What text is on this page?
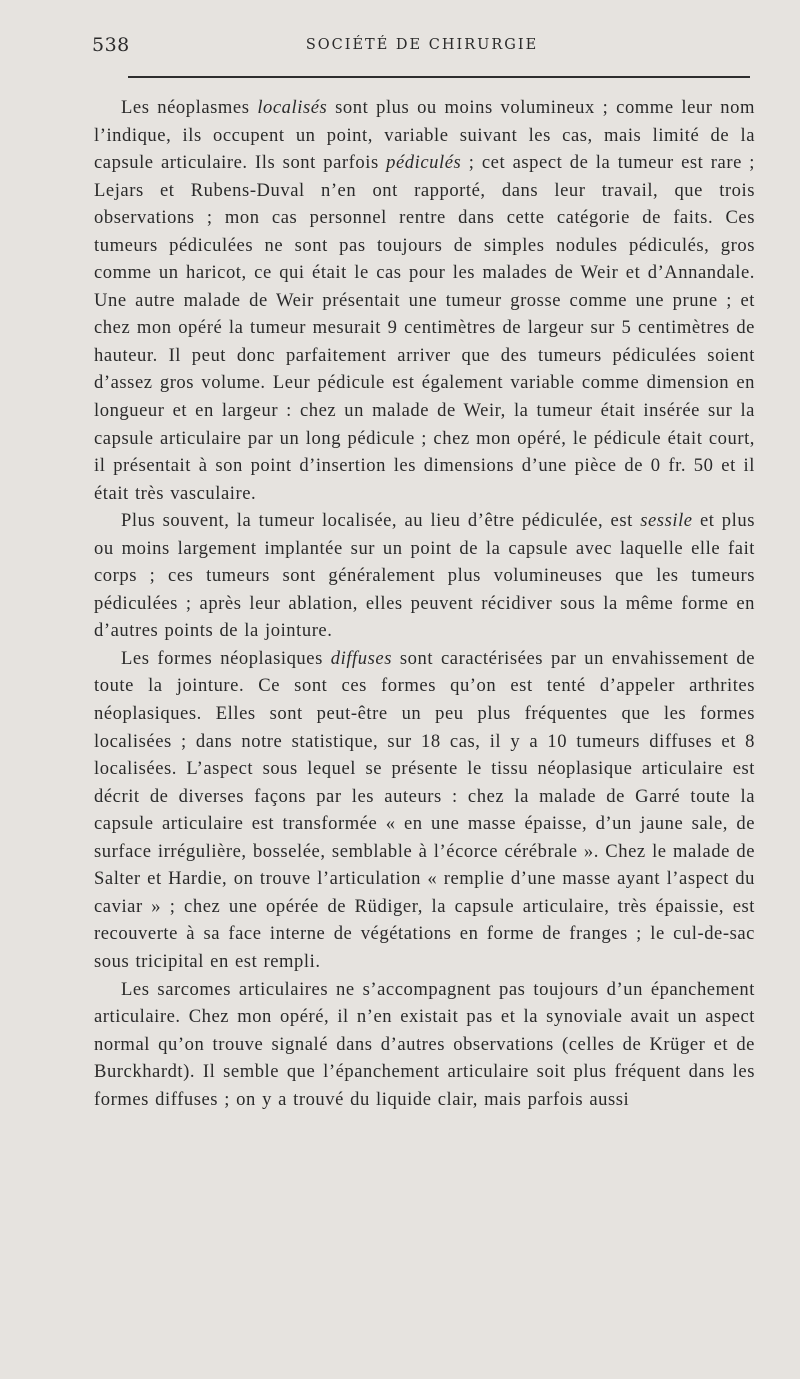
538	SOCIÉTÉ DE CHIRURGIE

Les néoplasmes localisés sont plus ou moins volumineux ; comme leur nom l’indique, ils occupent un point, variable suivant les cas, mais limité de la capsule articulaire. Ils sont parfois pédiculés ; cet aspect de la tumeur est rare ; Lejars et Rubens-Duval n’en ont rapporté, dans leur travail, que trois observations ; mon cas personnel rentre dans cette catégorie de faits. Ces tumeurs pédiculées ne sont pas toujours de simples nodules pédiculés, gros comme un haricot, ce qui était le cas pour les malades de Weir et d’Annandale. Une autre malade de Weir présentait une tumeur grosse comme une prune ; et chez mon opéré la tumeur mesurait 9 centimètres de largeur sur 5 centimètres de hauteur. Il peut donc parfaitement arriver que des tumeurs pédiculées soient d’assez gros volume. Leur pédicule est également variable comme dimension en longueur et en largeur : chez un malade de Weir, la tumeur était insérée sur la capsule articulaire par un long pédicule ; chez mon opéré, le pédicule était court, il présentait à son point d’insertion les dimensions d’une pièce de 0 fr. 50 et il était très vasculaire.

Plus souvent, la tumeur localisée, au lieu d’être pédiculée, est sessile et plus ou moins largement implantée sur un point de la capsule avec laquelle elle fait corps ; ces tumeurs sont généralement plus volumineuses que les tumeurs pédiculées ; après leur ablation, elles peuvent récidiver sous la même forme en d’autres points de la jointure.

Les formes néoplasiques diffuses sont caractérisées par un envahissement de toute la jointure. Ce sont ces formes qu’on est tenté d’appeler arthrites néoplasiques. Elles sont peut-être un peu plus fréquentes que les formes localisées ; dans notre statistique, sur 18 cas, il y a 10 tumeurs diffuses et 8 localisées. L’aspect sous lequel se présente le tissu néoplasique articulaire est décrit de diverses façons par les auteurs : chez la malade de Garré toute la capsule articulaire est transformée « en une masse épaisse, d’un jaune sale, de surface irrégulière, bosselée, semblable à l’écorce cérébrale ». Chez le malade de Salter et Hardie, on trouve l’articulation « remplie d’une masse ayant l’aspect du caviar » ; chez une opérée de Rüdiger, la capsule articulaire, très épaissie, est recouverte à sa face interne de végétations en forme de franges ; le cul-de-sac sous tricipital en est rempli.

Les sarcomes articulaires ne s’accompagnent pas toujours d’un épanchement articulaire. Chez mon opéré, il n’en existait pas et la synoviale avait un aspect normal qu’on trouve signalé dans d’autres observations (celles de Krüger et de Burckhardt). Il semble que l’épanchement articulaire soit plus fréquent dans les formes diffuses ; on y a trouvé du liquide clair, mais parfois aussi
